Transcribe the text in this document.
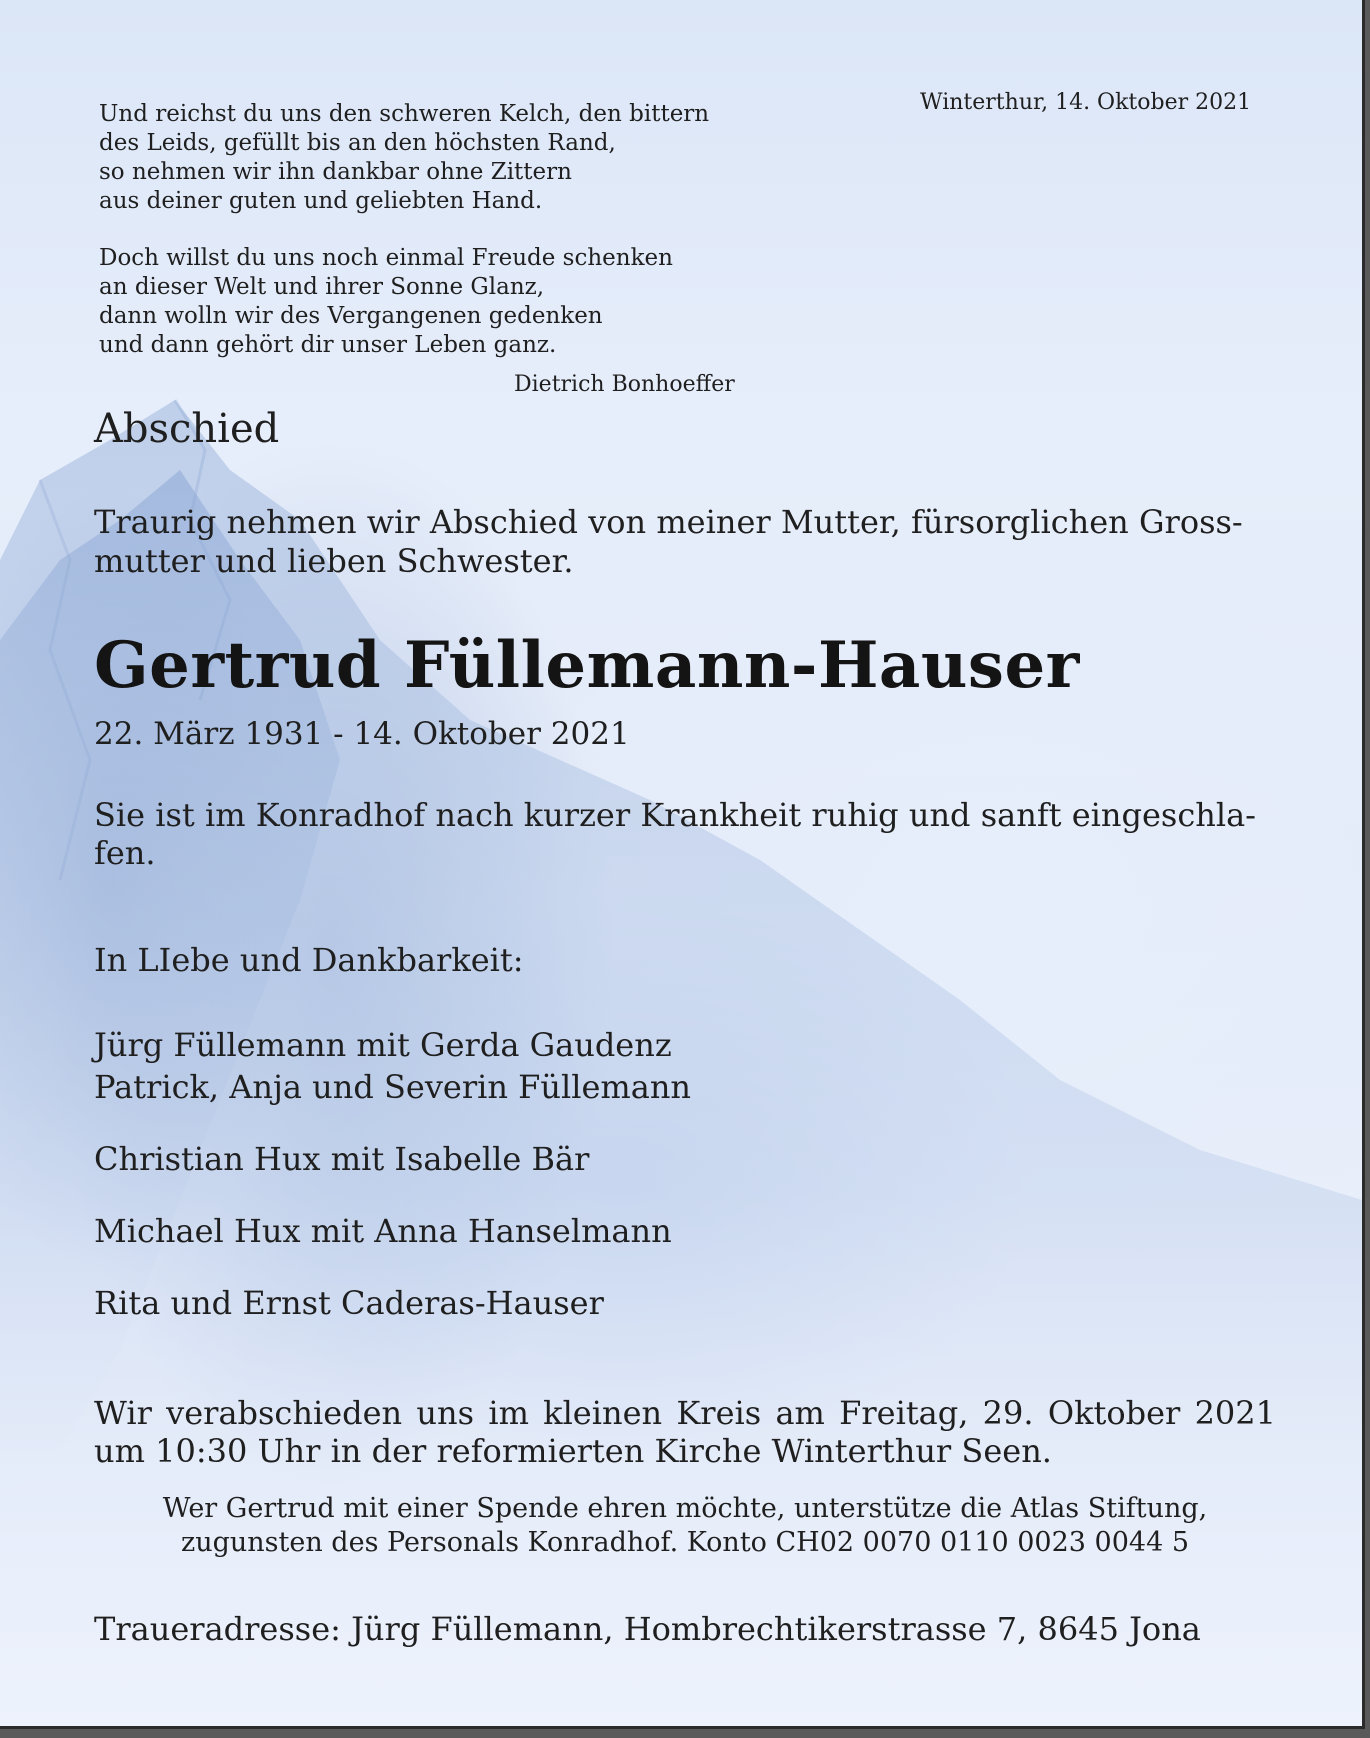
Winterthur, 14. Oktober 2021
Und reichst du uns den schweren Kelch, den bittern
des Leids, gefüllt bis an den höchsten Rand,
so nehmen wir ihn dankbar ohne Zittern
aus deiner guten und geliebten Hand.
Doch willst du uns noch einmal Freude schenken
an dieser Welt und ihrer Sonne Glanz,
dann wolln wir des Vergangenen gedenken
und dann gehört dir unser Leben ganz.
Dietrich Bonhoeffer
Abschied
Traurig nehmen wir Abschied von meiner Mutter, fürsorglichen Gross-
mutter und lieben Schwester.
Gertrud Füllemann-Hauser
22. März 1931 - 14. Oktober 2021
Sie ist im Konradhof nach kurzer Krankheit ruhig und sanft eingeschla-
fen.
In LIebe und Dankbarkeit:
Jürg Füllemann mit Gerda Gaudenz
Patrick, Anja und Severin Füllemann
Christian Hux mit Isabelle Bär
Michael Hux mit Anna Hanselmann
Rita und Ernst Caderas-Hauser
Wir verabschieden uns im kleinen Kreis am Freitag, 29. Oktober 2021
um 10:30 Uhr in der reformierten Kirche Winterthur Seen.
Wer Gertrud mit einer Spende ehren möchte, unterstütze die Atlas Stiftung,
zugunsten des Personals Konradhof. Konto CH02 0070 0110 0023 0044 5
Traueradresse: Jürg Füllemann, Hombrechtikerstrasse 7, 8645 Jona
